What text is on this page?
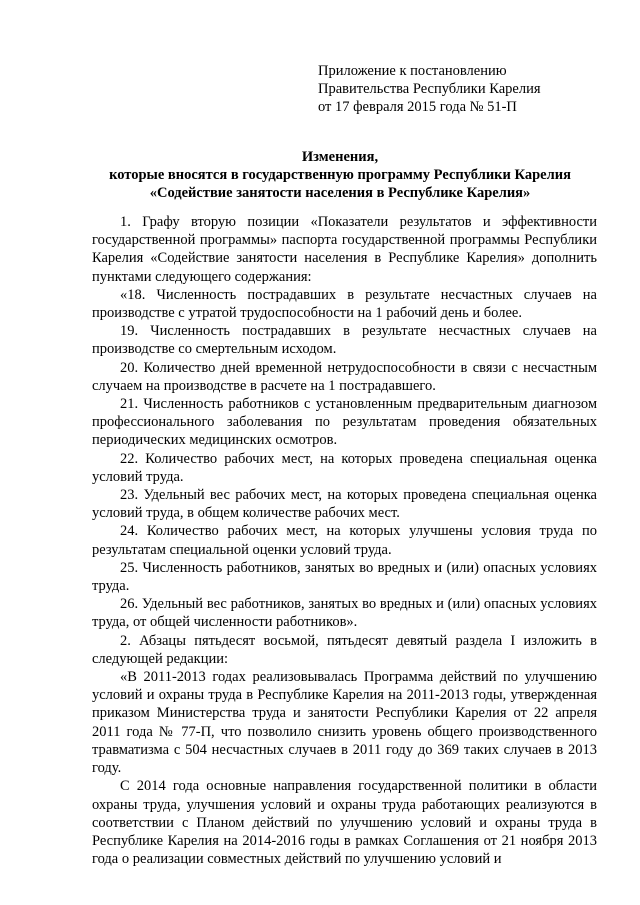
Приложение к постановлению
Правительства Республики Карелия
от 17 февраля 2015 года № 51-П
Изменения,
которые вносятся в государственную программу Республики Карелия
«Содействие занятости населения в Республике Карелия»

1. Графу вторую позиции «Показатели результатов и эффективности государственной программы» паспорта государственной программы Республики Карелия «Содействие занятости населения в Республике Карелия» дополнить пунктами следующего содержания:

«18. Численность пострадавших в результате несчастных случаев на производстве с утратой трудоспособности на 1 рабочий день и более.

19. Численность пострадавших в результате несчастных случаев на производстве со смертельным исходом.

20. Количество дней временной нетрудоспособности в связи с несчастным случаем на производстве в расчете на 1 пострадавшего.

21. Численность работников с установленным предварительным диагнозом профессионального заболевания по результатам проведения обязательных периодических медицинских осмотров.

22. Количество рабочих мест, на которых проведена специальная оценка условий труда.

23. Удельный вес рабочих мест, на которых проведена специальная оценка условий труда, в общем количестве рабочих мест.

24. Количество рабочих мест, на которых улучшены условия труда по результатам специальной оценки условий труда.

25. Численность работников, занятых во вредных и (или) опасных условиях труда.

26. Удельный вес работников, занятых во вредных и (или) опасных условиях труда, от общей численности работников».

2. Абзацы пятьдесят восьмой, пятьдесят девятый раздела I изложить в следующей редакции:

«В 2011-2013 годах реализовывалась Программа действий по улучшению условий и охраны труда в Республике Карелия на 2011-2013 годы, утвержденная приказом Министерства труда и занятости Республики Карелия от 22 апреля 2011 года № 77-П, что позволило снизить уровень общего производственного травматизма с 504 несчастных случаев в 2011 году до 369 таких случаев в 2013 году.

С 2014 года основные направления государственной политики в области охраны труда, улучшения условий и охраны труда работающих реализуются в соответствии с Планом действий по улучшению условий и охраны труда в Республике Карелия на 2014-2016 годы в рамках Соглашения от 21 ноября 2013 года о реализации совместных действий по улучшению условий и
